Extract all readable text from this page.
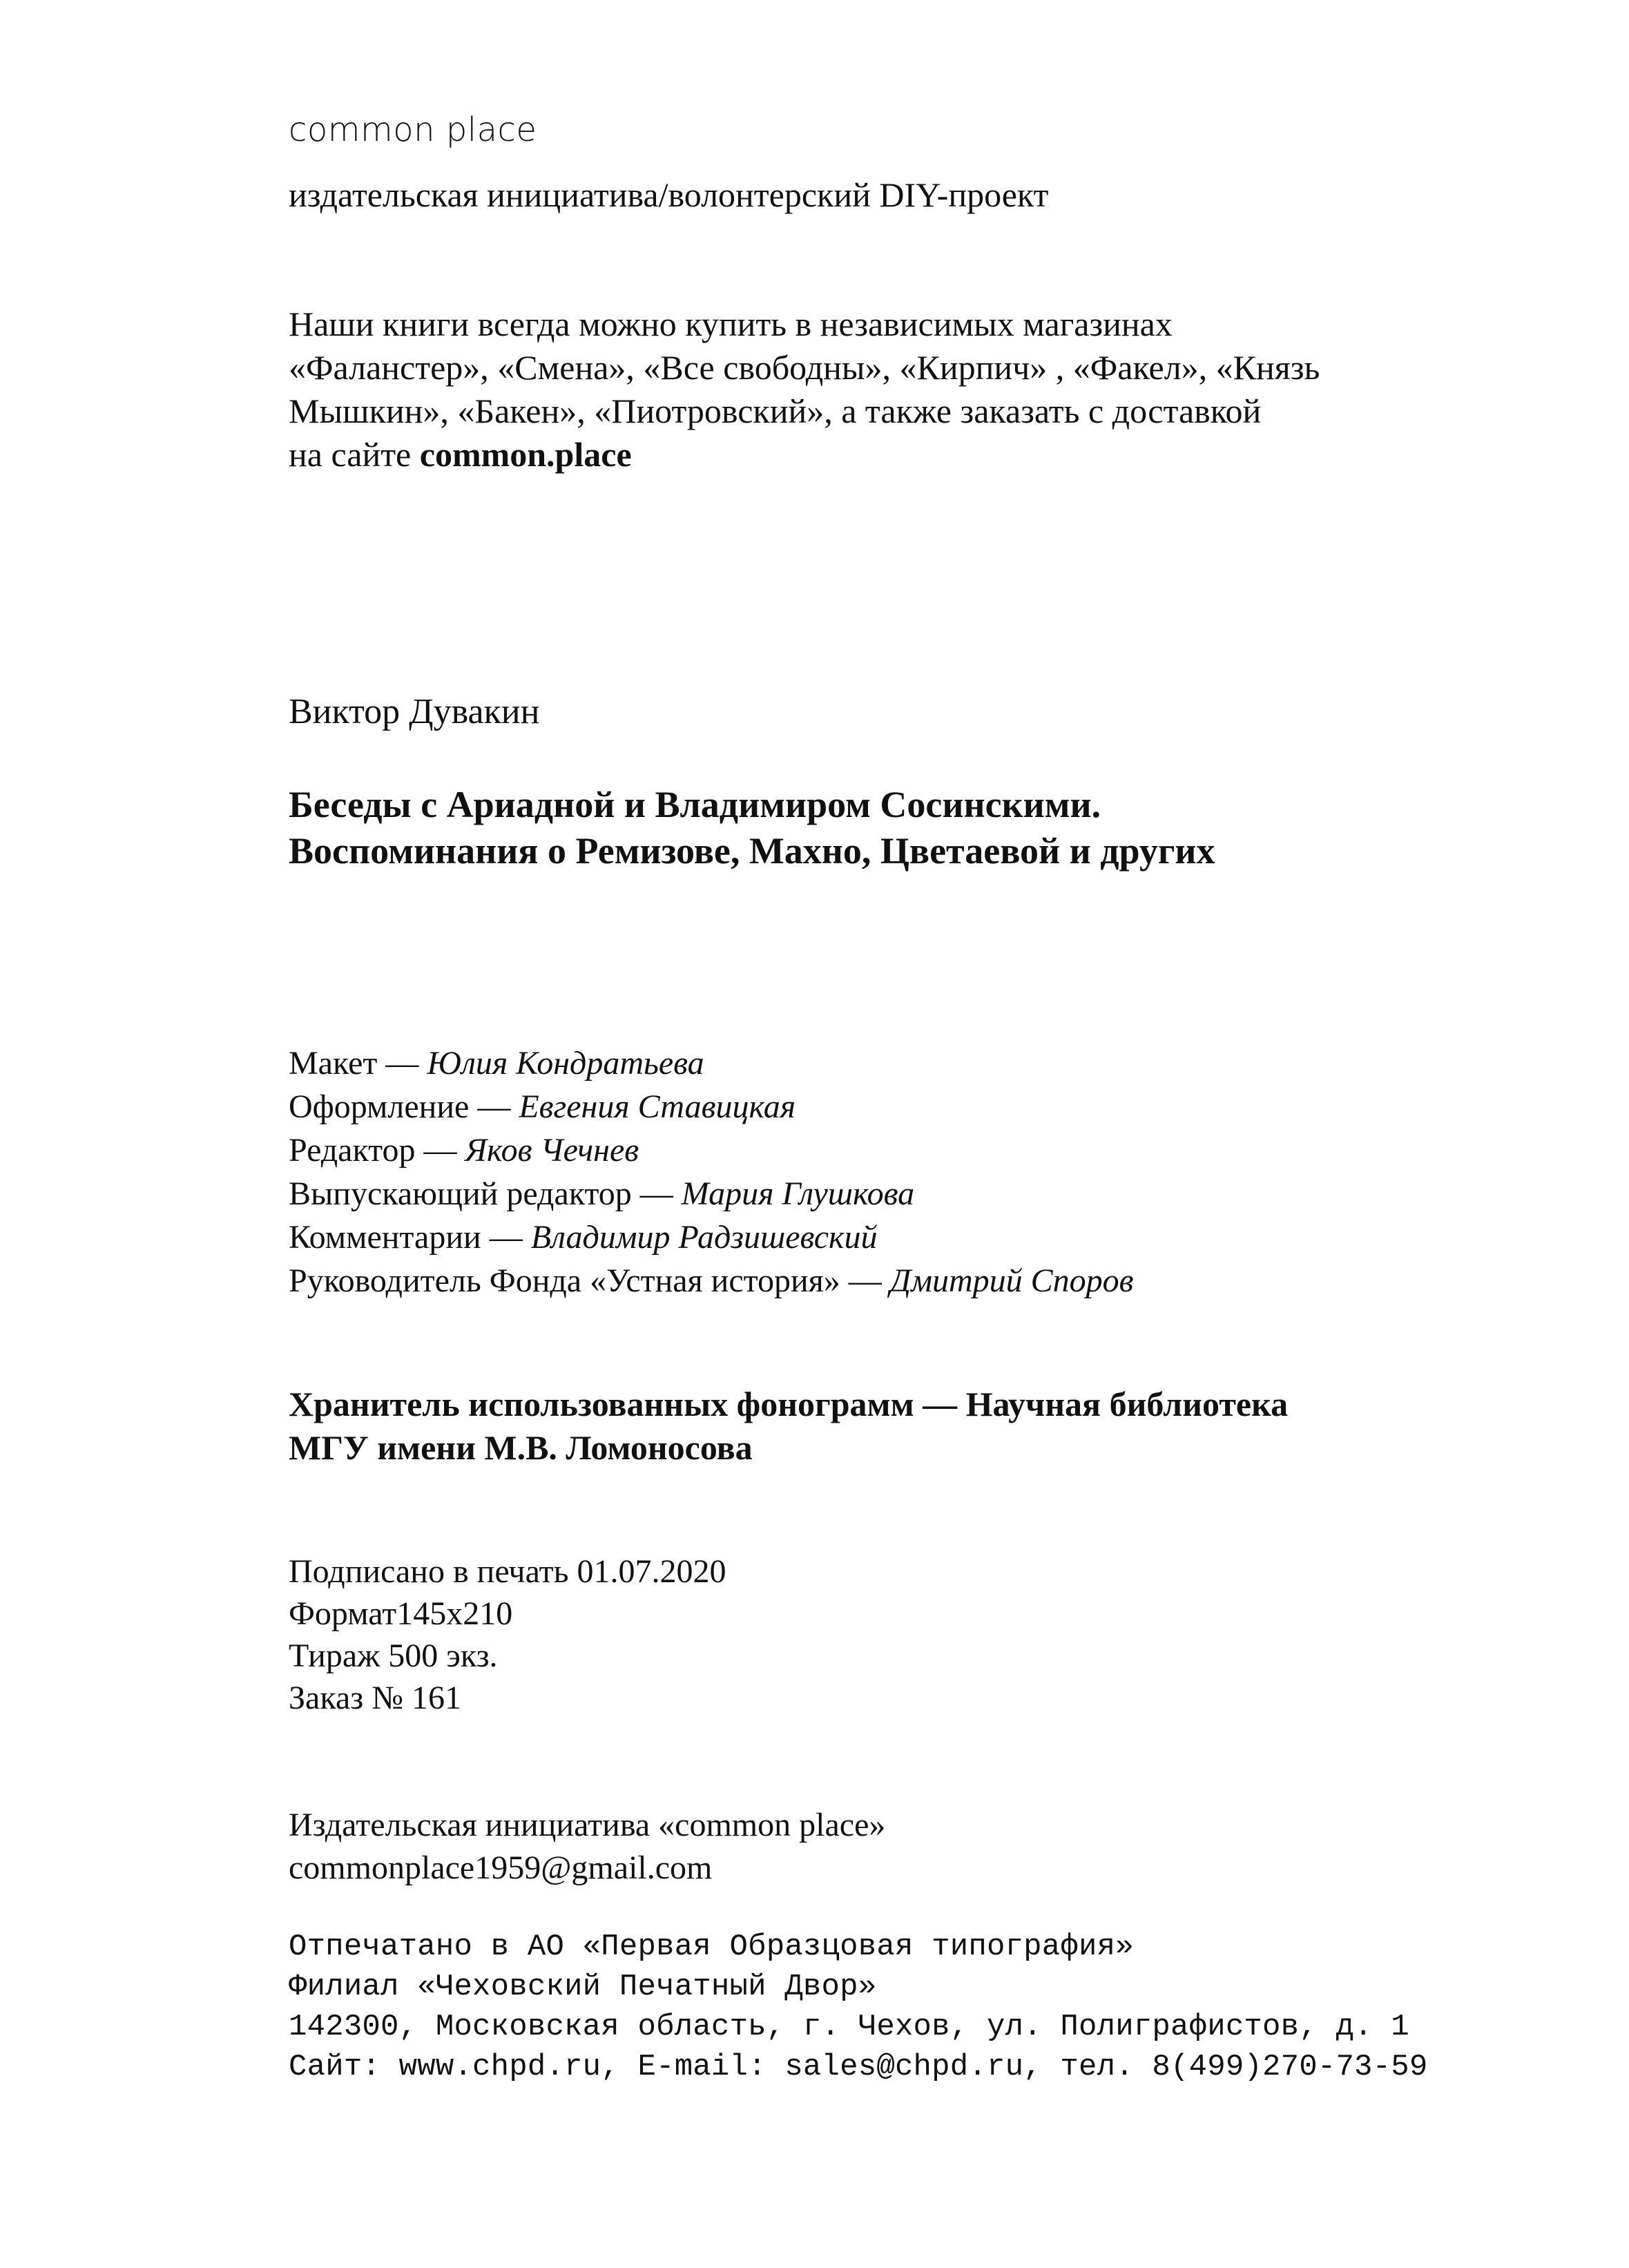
common place
издательская инициатива/волонтерский DIY-проект
Наши книги всегда можно купить в независимых магазинах
«Фаланстер», «Смена», «Все свободны», «Кирпич» , «Факел», «Князь
Мышкин», «Бакен», «Пиотровский», а также заказать с доставкой
на сайте common.place
Виктор Дувакин
Беседы с Ариадной и Владимиром Сосинскими.
Воспоминания о Ремизове, Махно, Цветаевой и других
Макет — Юлия Кондратьева
Оформление — Евгения Ставицкая
Редактор — Яков Чечнев
Выпускающий редактор — Мария Глушкова
Комментарии — Владимир Радзишевский
Руководитель Фонда «Устная история» — Дмитрий Споров
Хранитель использованных фонограмм — Научная библиотека
МГУ имени М.В. Ломоносова
Подписано в печать 01.07.2020
Формат145х210
Тираж 500 экз.
Заказ № 161
Издательская инициатива «common place»
commonplace1959@gmail.com
Отпечатано в АО «Первая Образцовая типография»
Филиал «Чеховский Печатный Двор»
142300, Московская область, г. Чехов, ул. Полиграфистов, д. 1
Сайт: www.chpd.ru, E-mail: sales@chpd.ru, тел. 8(499)270-73-59
